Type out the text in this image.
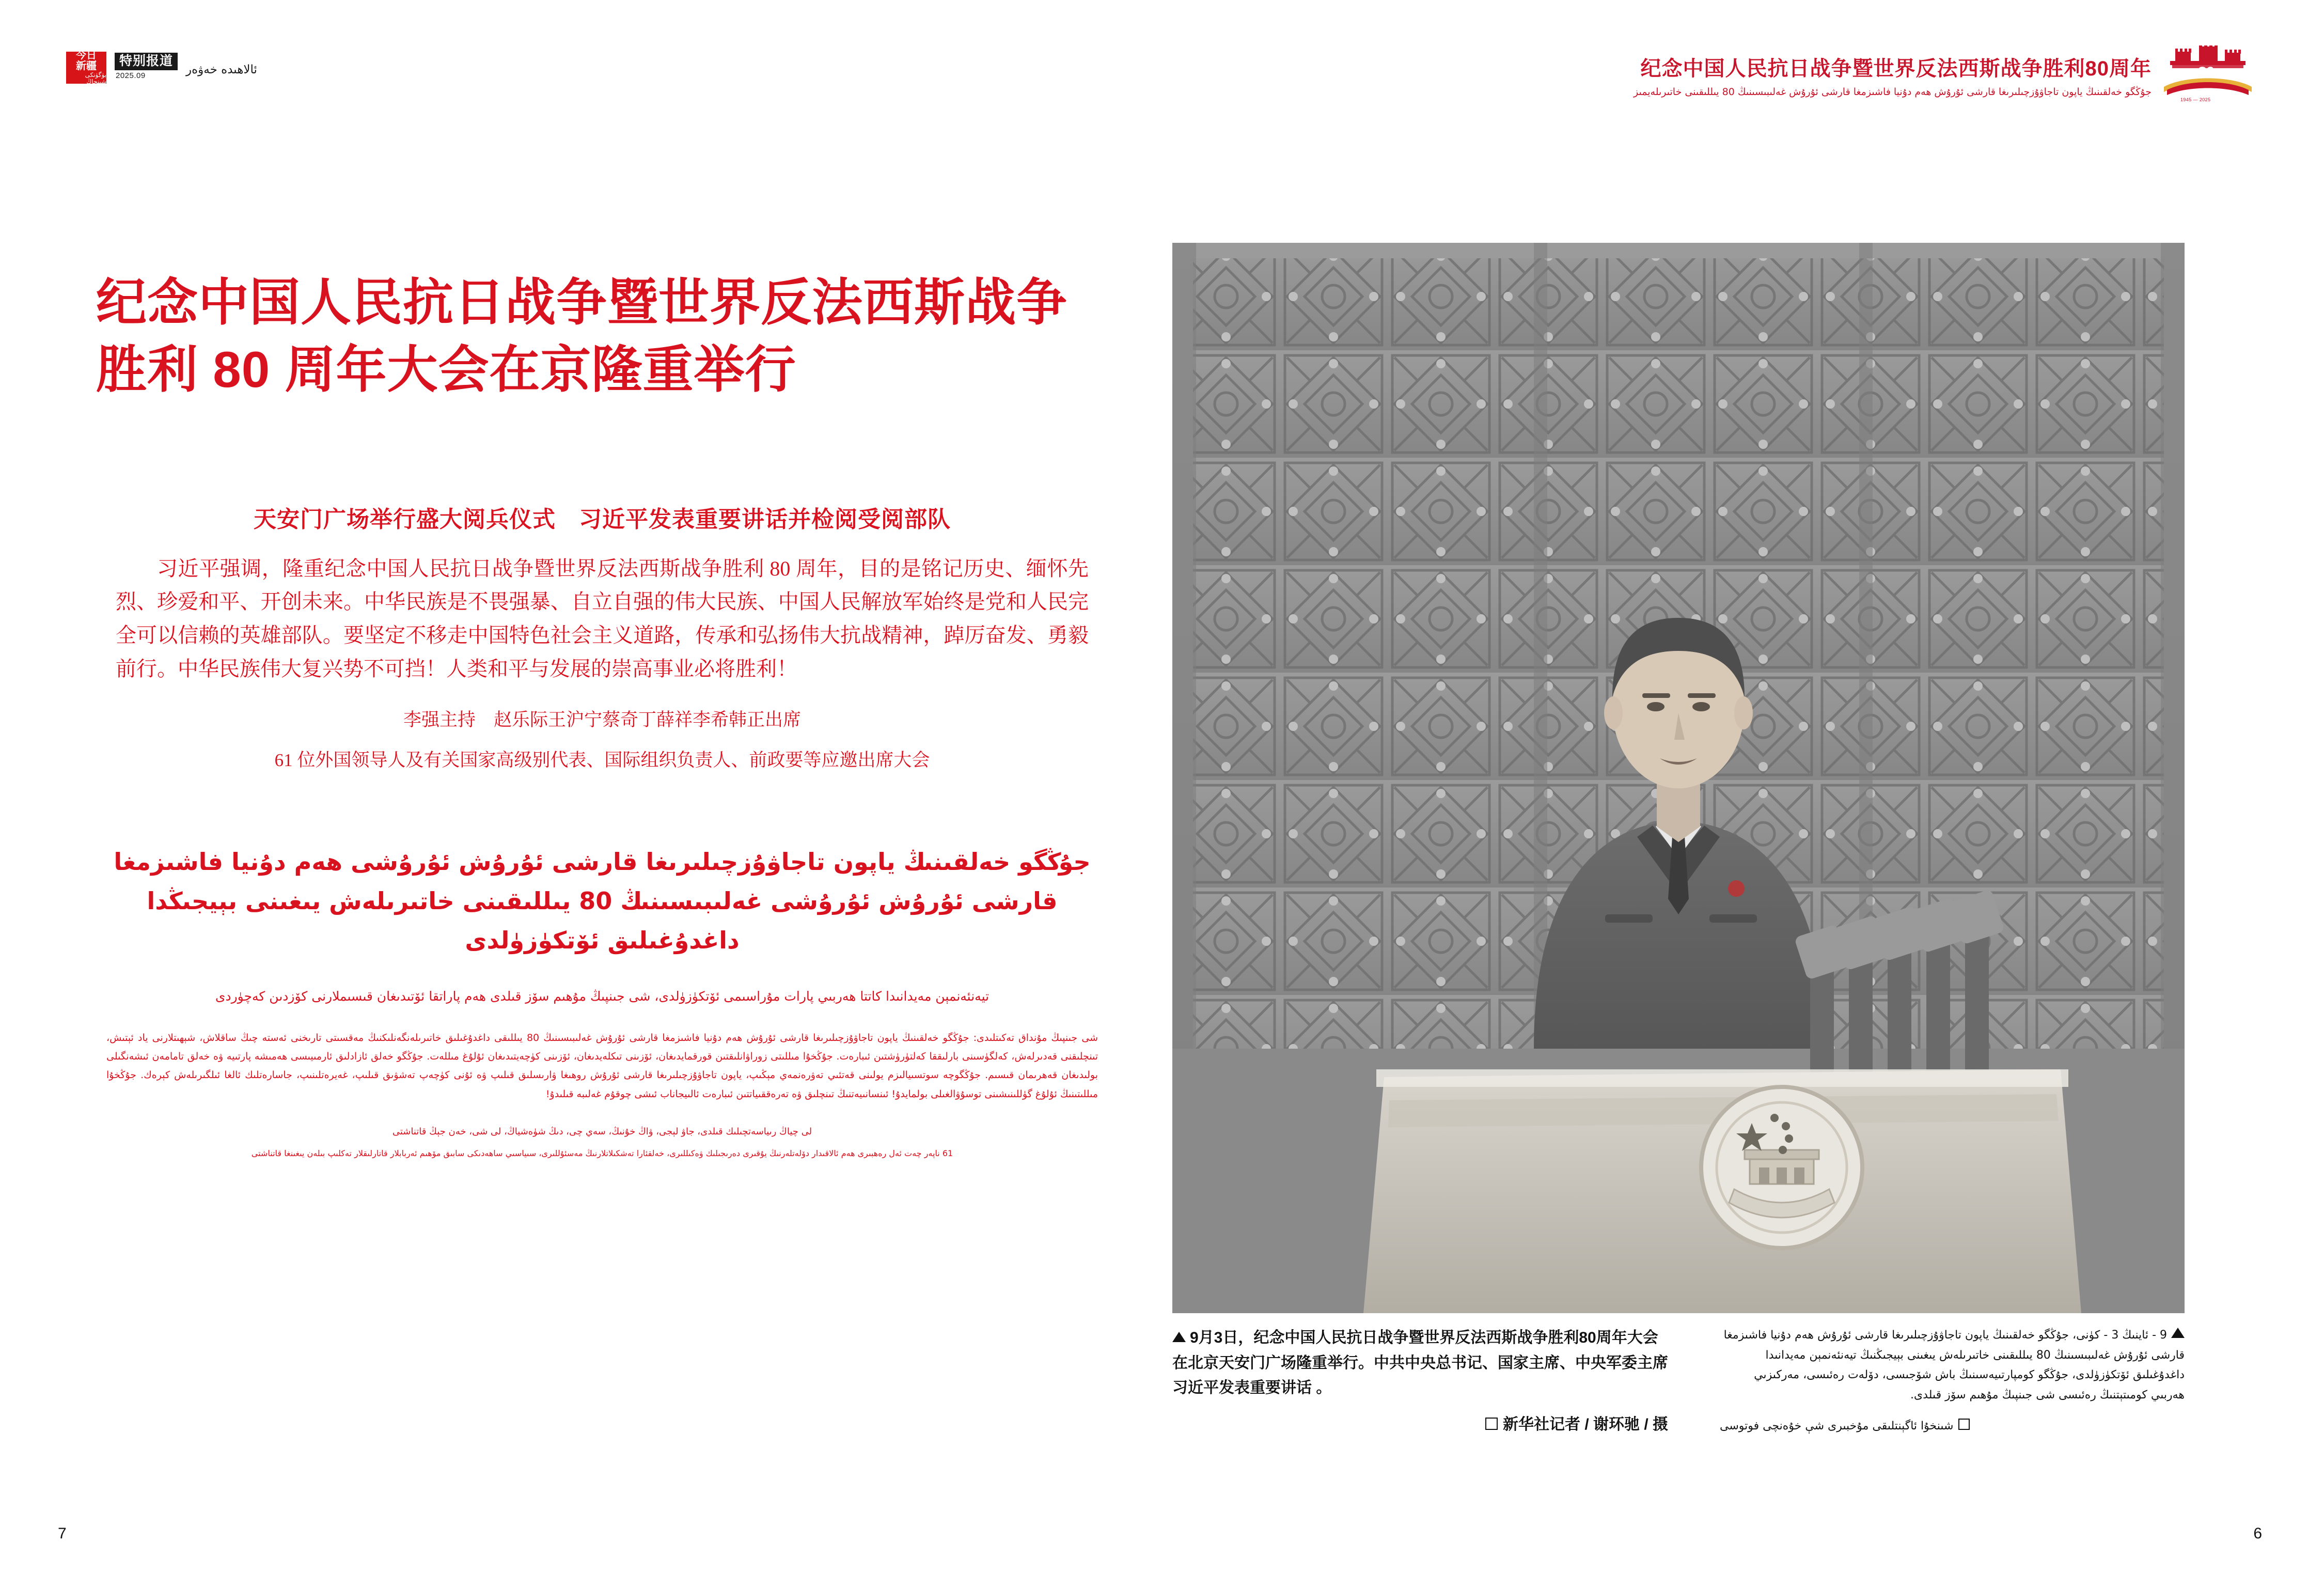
今日
新疆
بۈگۈنكى شىنجاڭ
特别报道
2025.09	ئالاھىدە خەۋەر	纪念中国人民抗日战争暨世界反法西斯战争胜利80周年
جۇڭگو خەلقىنىڭ ياپون تاجاۋۇزچىلىرىغا قارشى ئۇرۇش ھەم دۇنيا فاشىزمغا قارشى ئۇرۇش غەلىبىسىنىڭ 80 يىللىقىنى خاتىرىلەيمىز
80
1945 — 2025
纪念中国人民抗日战争暨世界反法西斯战争胜利 80 周年大会在京隆重举行
天安门广场举行盛大阅兵仪式　习近平发表重要讲话并检阅受阅部队

习近平强调，隆重纪念中国人民抗日战争暨世界反法西斯战争胜利 80 周年，目的是铭记历史、缅怀先烈、珍爱和平、开创未来。中华民族是不畏强暴、自立自强的伟大民族、中国人民解放军始终是党和人民完全可以信赖的英雄部队。要坚定不移走中国特色社会主义道路，传承和弘扬伟大抗战精神，踔厉奋发、勇毅前行。中华民族伟大复兴势不可挡！人类和平与发展的崇高事业必将胜利！

李强主持　赵乐际王沪宁蔡奇丁薛祥李希韩正出席
61 位外国领导人及有关国家高级别代表、国际组织负责人、前政要等应邀出席大会
جۇڭگو خەلقىنىڭ ياپون تاجاۋۇزچىلىرىغا قارشى ئۇرۇش ئۇرۇشى ھەم دۇنيا فاشىزمغا قارشى ئۇرۇش ئۇرۇشى غەلىبىسىنىڭ 80 يىللىقىنى خاتىرىلەش يىغىنى بېيجىڭدا داغدۇغىلىق ئۆتكۈزۈلدى
تيەنئەنمېن مەيدانىدا كاتتا ھەربىي پارات مۇراسىمى ئۆتكۈزۈلدى، شى جىنپىڭ مۇھىم سۆز قىلدى ھەم پاراتقا ئۆتىدىغان قىسىملارنى كۆزدىن كەچۈردى

شى جىنپىڭ مۇنداق تەكىتلىدى: جۇڭگو خەلقىنىڭ ياپون تاجاۋۇزچىلىرىغا قارشى ئۇرۇش ھەم دۇنيا فاشىزمغا قارشى ئۇرۇش غەلىبىسىنىڭ 80 يىللىقى داغدۇغىلىق خاتىرىلەنگەنلىكنىڭ مەقسىتى تارىخنى ئەستە چىڭ ساقلاش، شېھىتلارنى ياد ئېتىش، تىنچلىقنى قەدىرلەش، كەلگۈسىنى بارلىققا كەلتۈرۈشتىن ئىبارەت. جۇڭخۇا مىللىتى زوراۋانلىقتىن قورقمايدىغان، ئۆزىنى تىكلەيدىغان، ئۆزىنى كۈچەيتىدىغان ئۇلۇغ مىللەت. جۇڭگو خەلق ئازادلىق ئارمىيىسى ھەمىشە پارتىيە ۋە خەلق تامامەن ئىشەنگىلى بولىدىغان قەھرىمان قىسىم. جۇڭگوچە سوتسىيالىزم يولىنى قەتئىي تەۋرەنمەي مېڭىپ، ياپون تاجاۋۇزچىلىرىغا قارشى ئۇرۇش روھىغا ۋارىسلىق قىلىپ ۋە ئۇنى كۈچەپ تەشۋىق قىلىپ، غەيرەتلىنىپ، جاسارەتلىك ئالغا ئىلگىرىلەش كېرەك. جۇڭخۇا مىللىتىنىڭ ئۇلۇغ گۈللىنىشىنى توسۇۋالغىلى بولمايدۇ! ئىنسانىيەتنىڭ تىنچلىق ۋە تەرەققىياتتىن ئىبارەت ئالىيجاناب ئىشى چوقۇم غەلىبە قىلىدۇ!

لى چياڭ رىياسەتچىلىك قىلدى، جاۋ لېجى، ۋاڭ خۇنىڭ، سەي چى، دىڭ شۈەشياڭ، لى شى، خەن جېڭ قاتناشتى
61 ناپەر چەت ئەل رەھبىرى ھەم ئالاقىدار دۆلەتلەرنىڭ يۇقىرى دەرىجىلىك ۋەكىللىرى، خەلقئارا تەشكىلاتلارنىڭ مەسئۇللىرى، سىياسىي ساھەدىكى سابىق مۆھىم ئەربابلار قاتارلىقلار تەكلىپ بىلەن يىغىنغا قاتناشتى
9月3日，纪念中国人民抗日战争暨世界反法西斯战争胜利80周年大会在北京天安门广场隆重举行。中共中央总书记、国家主席、中央军委主席习近平发表重要讲话 。
新华社记者 / 谢环驰 / 摄
9 - ئاينىڭ 3 - كۈنى، جۇڭگو خەلقىنىڭ ياپون تاجاۋۇزچىلىرىغا قارشى ئۇرۇش ھەم دۇنيا فاشىزمغا قارشى ئۇرۇش غەلىبىسىنىڭ 80 يىللىقىنى خاتىرىلەش يىغىنى بېيجىڭنىڭ تيەنئەنمېن مەيدانىدا داغدۇغىلىق ئۆتكۈزۈلدى، جۇڭگو كومپارتىيەسىنىڭ باش شۆجىسى، دۆلەت رەئىسى، مەركىزىي ھەربىي كومىتېتنىڭ رەئىسى شى جىنپىڭ مۇھىم سۆز قىلدى.
شىنخۇا ئاگېنتلىقى مۇخبىرى شې خۇەنچى فوتوسى
7	6
